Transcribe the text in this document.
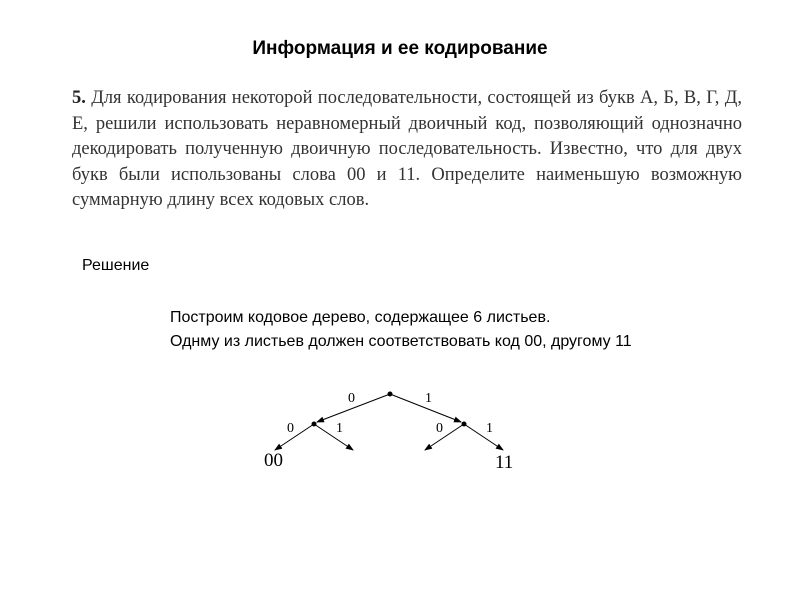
Информация и ее кодирование
5. Для кодирования некоторой последовательности, состоящей из букв А, Б, В, Г, Д, Е, решили использовать неравномерный двоичный код, позволяющий однозначно декодировать полученную двоичную последовательность. Известно, что для двух букв были использованы слова 00 и 11. Определите наименьшую возможную суммарную длину всех кодовых слов.
Решение
Построим кодовое дерево, содержащее 6 листьев.
Однму из листьев должен соответствовать код 00, другому 11
0	1
0	1	0	1
00	11
